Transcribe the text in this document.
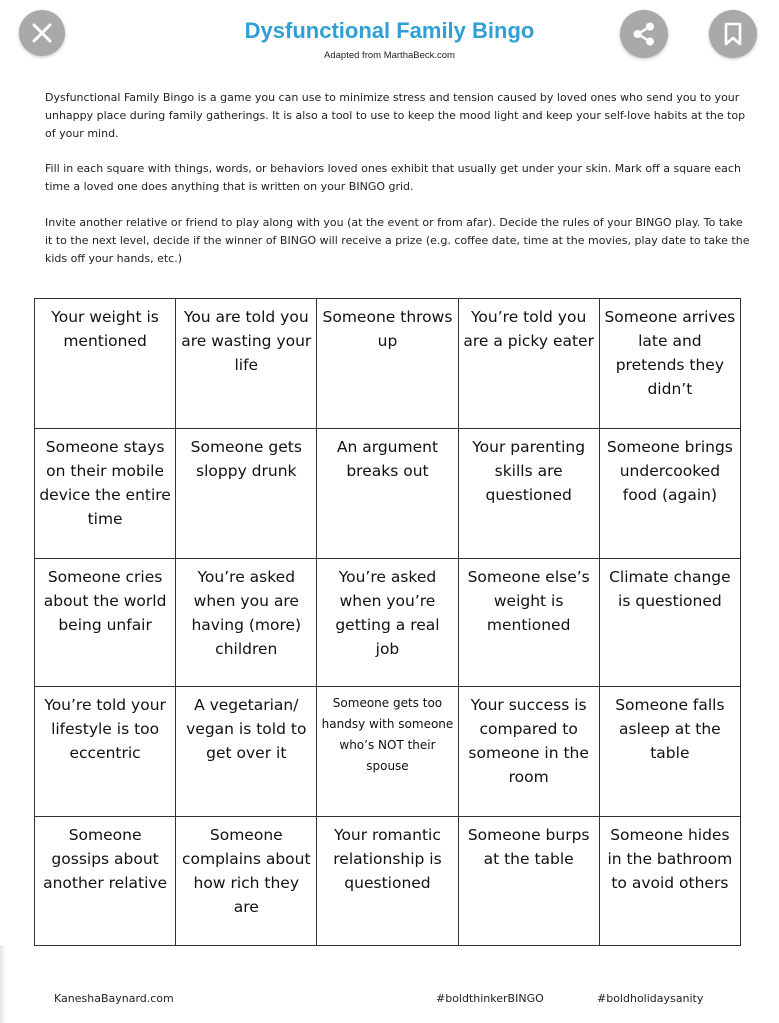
Dysfunctional Family Bingo
Adapted from MarthaBeck.com
Dysfunctional Family Bingo is a game you can use to minimize stress and tension caused by loved ones who send you to your unhappy place during family gatherings. It is also a tool to use to keep the mood light and keep your self-love habits at the top of your mind.
Fill in each square with things, words, or behaviors loved ones exhibit that usually get under your skin. Mark off a square each time a loved one does anything that is written on your BINGO grid.
Invite another relative or friend to play along with you (at the event or from afar). Decide the rules of your BINGO play. To take it to the next level, decide if the winner of BINGO will receive a prize (e.g. coffee date, time at the movies, play date to take the kids off your hands, etc.)
Your weight is mentioned	You are told you are wasting your life	Someone throws up	You’re told you are a picky eater	Someone arrives late and pretends they didn’t
Someone stays on their mobile device the entire time	Someone gets sloppy drunk	An argument breaks out	Your parenting skills are questioned	Someone brings undercooked food (again)
Someone cries about the world being unfair	You’re asked when you are having (more) children	You’re asked when you’re getting a real job	Someone else’s weight is mentioned	Climate change is questioned
You’re told your lifestyle is too eccentric	A vegetarian/ vegan is told to get over it	Someone gets too handsy with someone who’s NOT their spouse	Your success is compared to someone in the room	Someone falls asleep at the table
Someone gossips about another relative	Someone complains about how rich they are	Your romantic relationship is questioned	Someone burps at the table	Someone hides in the bathroom to avoid others
KaneshaBaynard.com	#boldthinkerBINGO	#boldholidaysanity
